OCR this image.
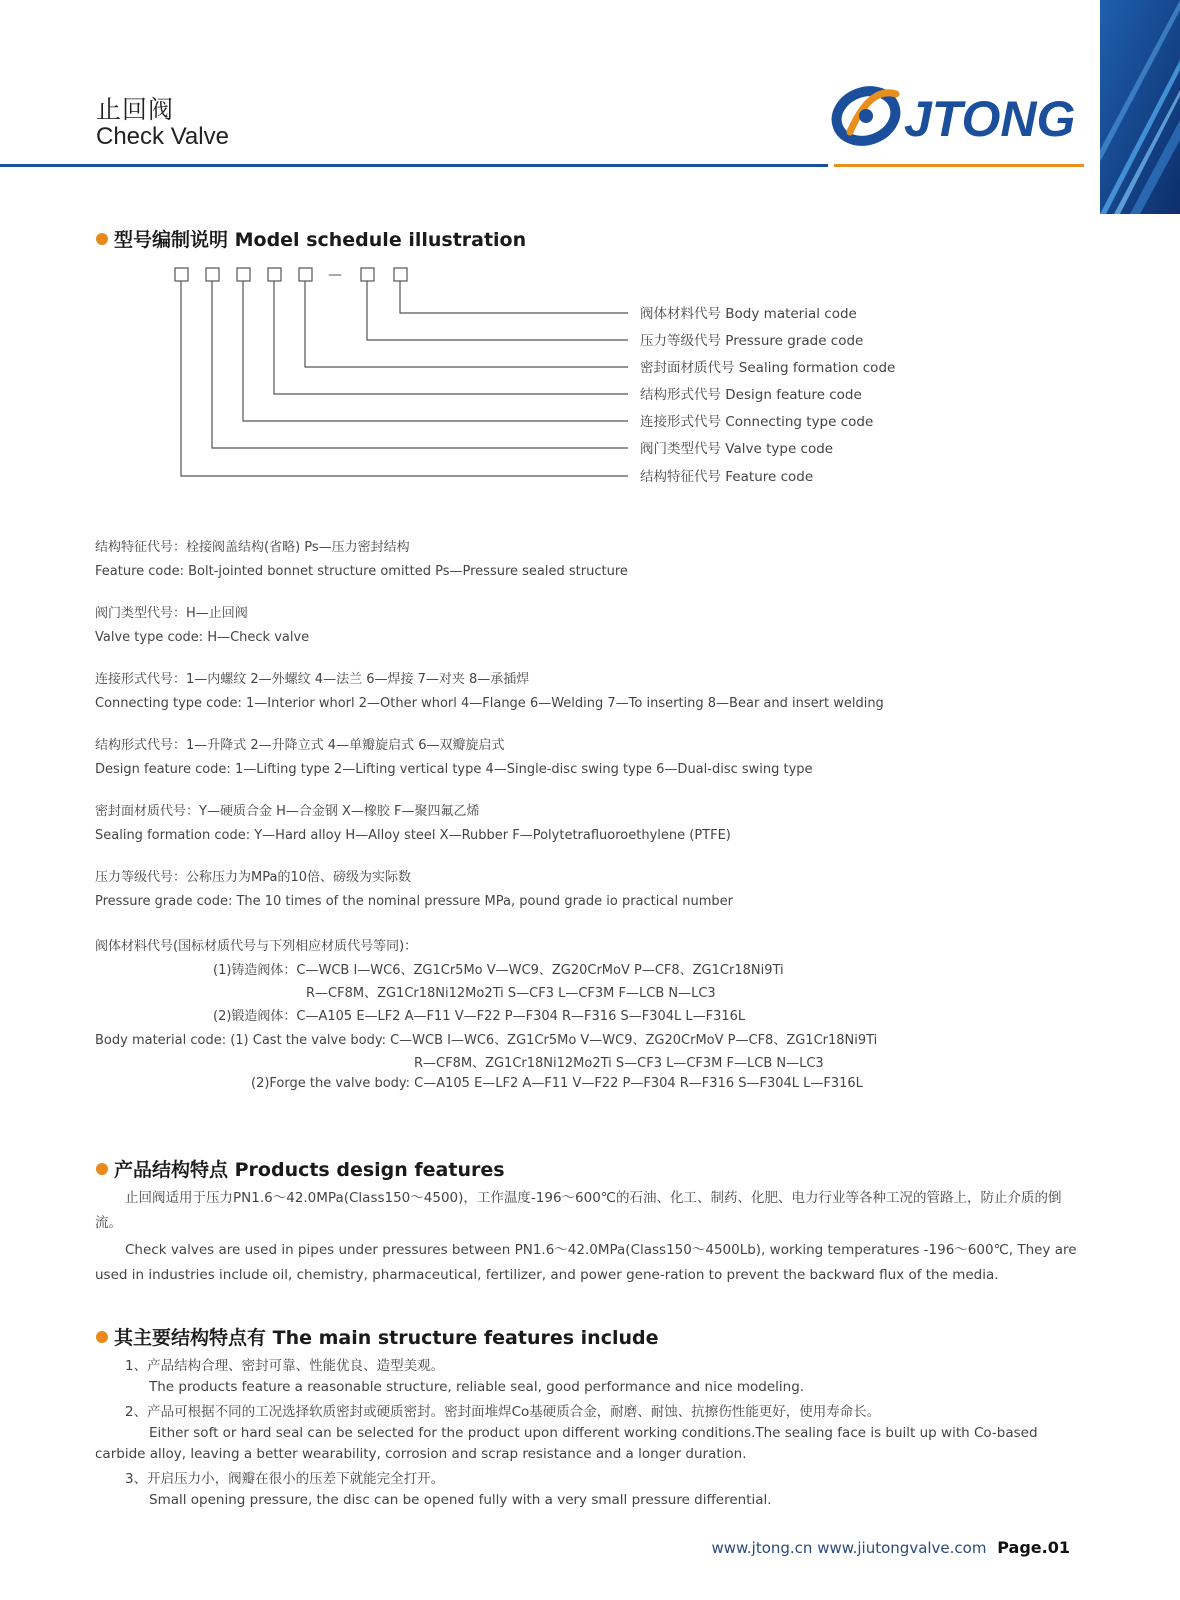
止回阀
Check Valve	JTONG
型号编制说明 Model schedule illustration
—
阀体材料代号 Body material code
压力等级代号 Pressure grade code
密封面材质代号 Sealing formation code
结构形式代号 Design feature code
连接形式代号 Connecting type code
阀门类型代号 Valve type code
结构特征代号 Feature code
结构特征代号：栓接阀盖结构(省略) Ps—压力密封结构
Feature code: Bolt-jointed bonnet structure omitted Ps—Pressure sealed structure
阀门类型代号：H—止回阀
Valve type code: H—Check valve
连接形式代号：1—内螺纹 2—外螺纹 4—法兰 6—焊接 7—对夹 8—承插焊
Connecting type code: 1—Interior whorl 2—Other whorl 4—Flange 6—Welding 7—To inserting 8—Bear and insert welding
结构形式代号：1—升降式 2—升降立式 4—单瓣旋启式 6—双瓣旋启式
Design feature code: 1—Lifting type 2—Lifting vertical type 4—Single-disc swing type 6—Dual-disc swing type
密封面材质代号：Y—硬质合金 H—合金钢 X—橡胶 F—聚四氟乙烯
Sealing formation code: Y—Hard alloy H—Alloy steel X—Rubber F—Polytetrafluoroethylene (PTFE)
压力等级代号：公称压力为MPa的10倍、磅级为实际数
Pressure grade code: The 10 times of the nominal pressure MPa, pound grade io practical number
阀体材料代号(国标材质代号与下列相应材质代号等同)：
(1)铸造阀体：C—WCB I—WC6、ZG1Cr5Mo V—WC9、ZG20CrMoV P—CF8、ZG1Cr18Ni9Ti
R—CF8M、ZG1Cr18Ni12Mo2Ti S—CF3 L—CF3M F—LCB N—LC3
(2)锻造阀体：C—A105 E—LF2 A—F11 V—F22 P—F304 R—F316 S—F304L L—F316L
Body material code: (1) Cast the valve body: C—WCB I—WC6、ZG1Cr5Mo V—WC9、ZG20CrMoV P—CF8、ZG1Cr18Ni9Ti
R—CF8M、ZG1Cr18Ni12Mo2Ti S—CF3 L—CF3M F—LCB N—LC3
(2)Forge the valve body: C—A105 E—LF2 A—F11 V—F22 P—F304 R—F316 S—F304L L—F316L
产品结构特点 Products design features

止回阀适用于压力PN1.6～42.0MPa(Class150～4500)，工作温度-196～600℃的石油、化工、制药、化肥、电力行业等各种工况的管路上，防止介质的倒流。

Check valves are used in pipes under pressures between PN1.6～42.0MPa(Class150～4500Lb), working temperatures -196～600℃, They are used in industries include oil, chemistry, pharmaceutical, fertilizer, and power gene-ration to prevent the backward flux of the media.

其主要结构特点有 The main structure features include
1、产品结构合理、密封可靠、性能优良、造型美观。
The products feature a reasonable structure, reliable seal, good performance and nice modeling.
2、产品可根据不同的工况选择软质密封或硬质密封。密封面堆焊Co基硬质合金，耐磨、耐蚀、抗擦伤性能更好，使用寿命长。
Either soft or hard seal can be selected for the product upon different working conditions.The sealing face is built up with Co-based carbide alloy, leaving a better wearability, corrosion and scrap resistance and a longer duration.
3、开启压力小，阀瓣在很小的压差下就能完全打开。
Small opening pressure, the disc can be opened fully with a very small pressure differential.
www.jtong.cn www.jiutongvalve.com Page.01
